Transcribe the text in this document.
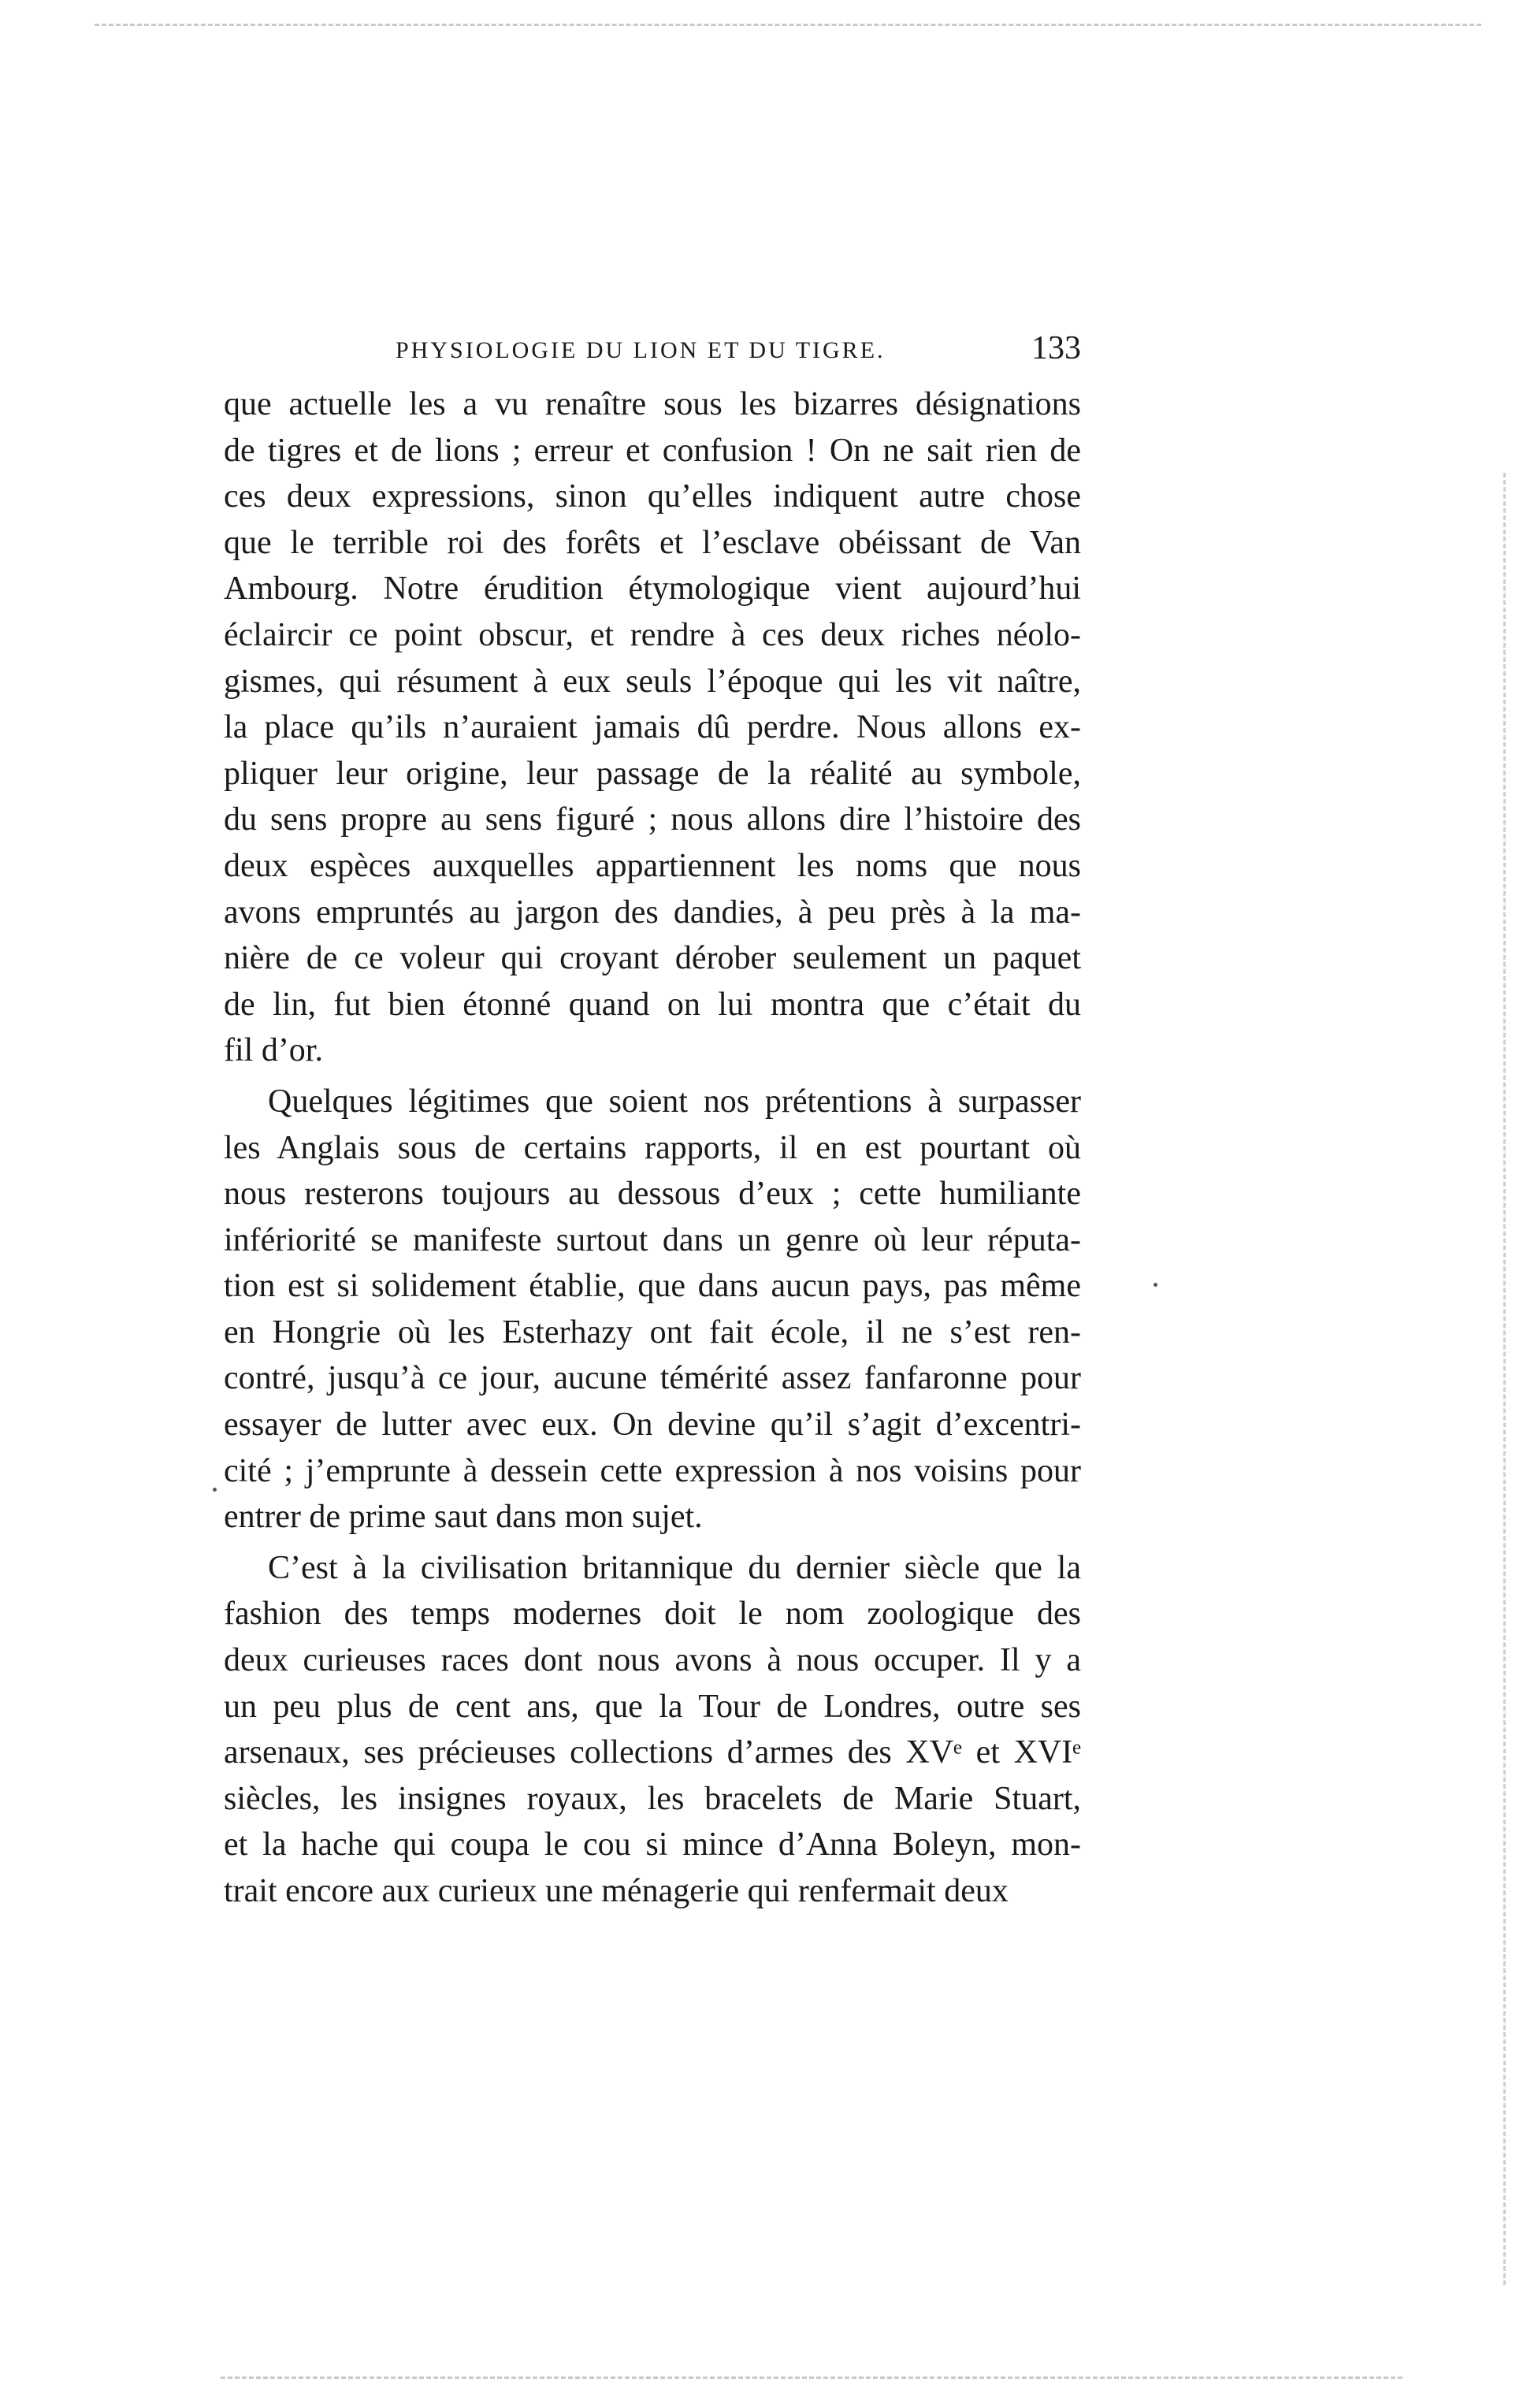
PHYSIOLOGIE DU LION ET DU TIGRE.	133
que actuelle les a vu renaître sous les bizarres désignations
de tigres et de lions ; erreur et confusion ! On ne sait rien de
ces deux expressions, sinon qu’elles indiquent autre chose
que le terrible roi des forêts et l’esclave obéissant de Van
Ambourg. Notre érudition étymologique vient aujourd’hui
éclaircir ce point obscur, et rendre à ces deux riches néolo-
gismes, qui résument à eux seuls l’époque qui les vit naître,
la place qu’ils n’auraient jamais dû perdre. Nous allons ex-
pliquer leur origine, leur passage de la réalité au symbole,
du sens propre au sens figuré ; nous allons dire l’histoire des
deux espèces auxquelles appartiennent les noms que nous
avons empruntés au jargon des dandies, à peu près à la ma-
nière de ce voleur qui croyant dérober seulement un paquet
de lin, fut bien étonné quand on lui montra que c’était du
fil d’or.
Quelques légitimes que soient nos prétentions à surpasser
les Anglais sous de certains rapports, il en est pourtant où
nous resterons toujours au dessous d’eux ; cette humiliante
infériorité se manifeste surtout dans un genre où leur réputa-
tion est si solidement établie, que dans aucun pays, pas même
en Hongrie où les Esterhazy ont fait école, il ne s’est ren-
contré, jusqu’à ce jour, aucune témérité assez fanfaronne pour
essayer de lutter avec eux. On devine qu’il s’agit d’excentri-
cité ; j’emprunte à dessein cette expression à nos voisins pour
entrer de prime saut dans mon sujet.
C’est à la civilisation britannique du dernier siècle que la
fashion des temps modernes doit le nom zoologique des
deux curieuses races dont nous avons à nous occuper. Il y a
un peu plus de cent ans, que la Tour de Londres, outre ses
arsenaux, ses précieuses collections d’armes des XVᵉ et XVIᵉ
siècles, les insignes royaux, les bracelets de Marie Stuart,
et la hache qui coupa le cou si mince d’Anna Boleyn, mon-
trait encore aux curieux une ménagerie qui renfermait deux
